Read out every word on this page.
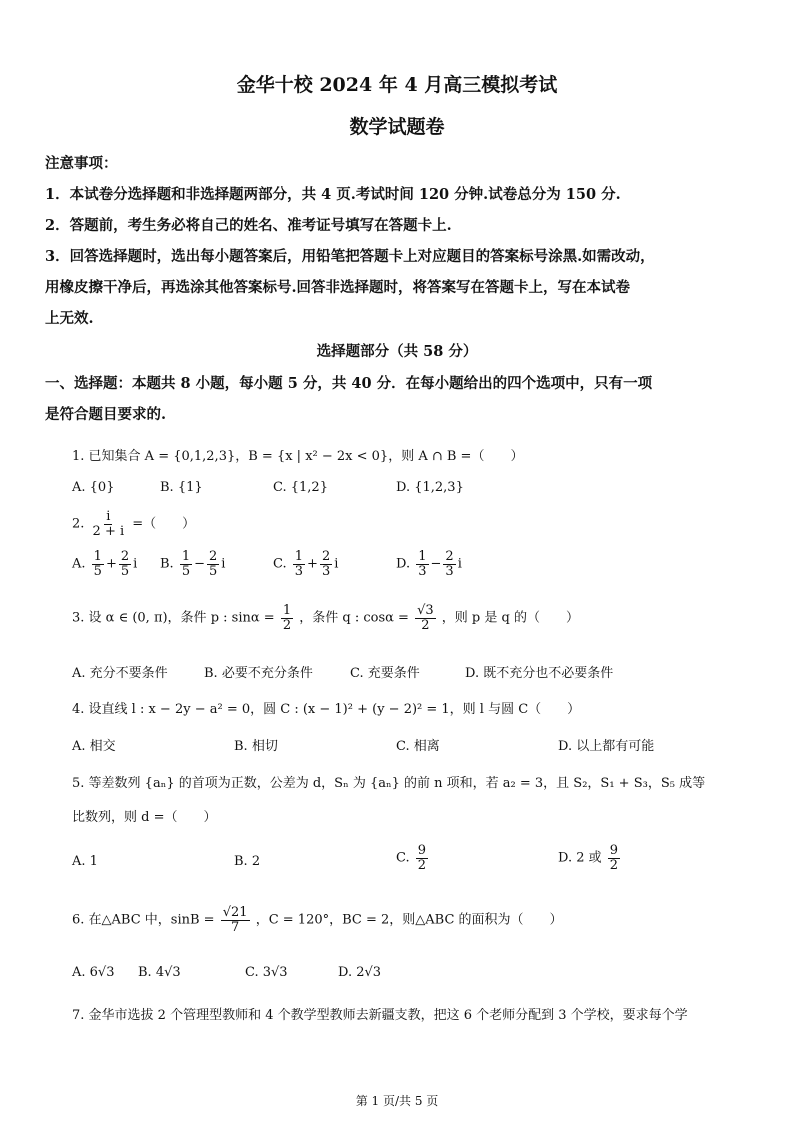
金华十校 2024 年 4 月高三模拟考试
数学试题卷
注意事项：
1．本试卷分选择题和非选择题两部分，共 4 页.考试时间 120 分钟.试卷总分为 150 分.
2．答题前，考生务必将自己的姓名、准考证号填写在答题卡上.
3．回答选择题时，选出每小题答案后，用铅笔把答题卡上对应题目的答案标号涂黑.如需改动，
用橡皮擦干净后，再选涂其他答案标号.回答非选择题时，将答案写在答题卡上，写在本试卷
上无效.
选择题部分（共 58 分）
一、选择题：本题共 8 小题，每小题 5 分，共 40 分．在每小题给出的四个选项中，只有一项
是符合题目要求的.
1. 已知集合 A = {0,1,2,3}，B = {x | x² − 2x < 0}，则 A ∩ B =（　　）
A. {0}	B. {1}	C. {1,2}	D. {1,2,3}
2. $\frac{i}{2 + i}$ =（　　）
A. $\frac{1}{5} + \frac{2}{5}$ i B. $\frac{1}{5} - \frac{2}{5}$ i	C. $\frac{1}{3} + \frac{2}{3}$ i	D. $\frac{1}{3} - \frac{2}{3}$ i
3. 设 α ∈ (0, π)，条件 p : $\sin\alpha = \frac{1}{2}$ ，条件 q : $\cos\alpha = \frac{√3}{2}$ ，则 p 是 q 的（　　）
A. 充分不要条件	B. 必要不充分条件	C. 充要条件	D. 既不充分也不必要条件
4. 设直线 l : x − 2y − a² = 0，圆 C : (x − 1)² + (y − 2)² = 1，则 l 与圆 C（　　）
A. 相交	B. 相切	C. 相离	D. 以上都有可能
5. 等差数列 {aₙ} 的首项为正数，公差为 d，Sₙ 为 {aₙ} 的前 n 项和，若 a₂ = 3，且 S₂，S₁ + S₃，S₅ 成等
比数列，则 d =（　　）
A. 1	B. 2	C. $\frac{9}{2}$	D. 2 或 $\frac{9}{2}$
6. 在△ABC 中，$\sin B = \frac{√21}{7}$ ，C = 120°，BC = 2，则△ABC 的面积为（　　）
A. 6√3 B. 4√3	C. 3√3	D. 2√3
7. 金华市选拔 2 个管理型教师和 4 个教学型教师去新疆支教，把这 6 个老师分配到 3 个学校，要求每个学
第 1 页/共 5 页
